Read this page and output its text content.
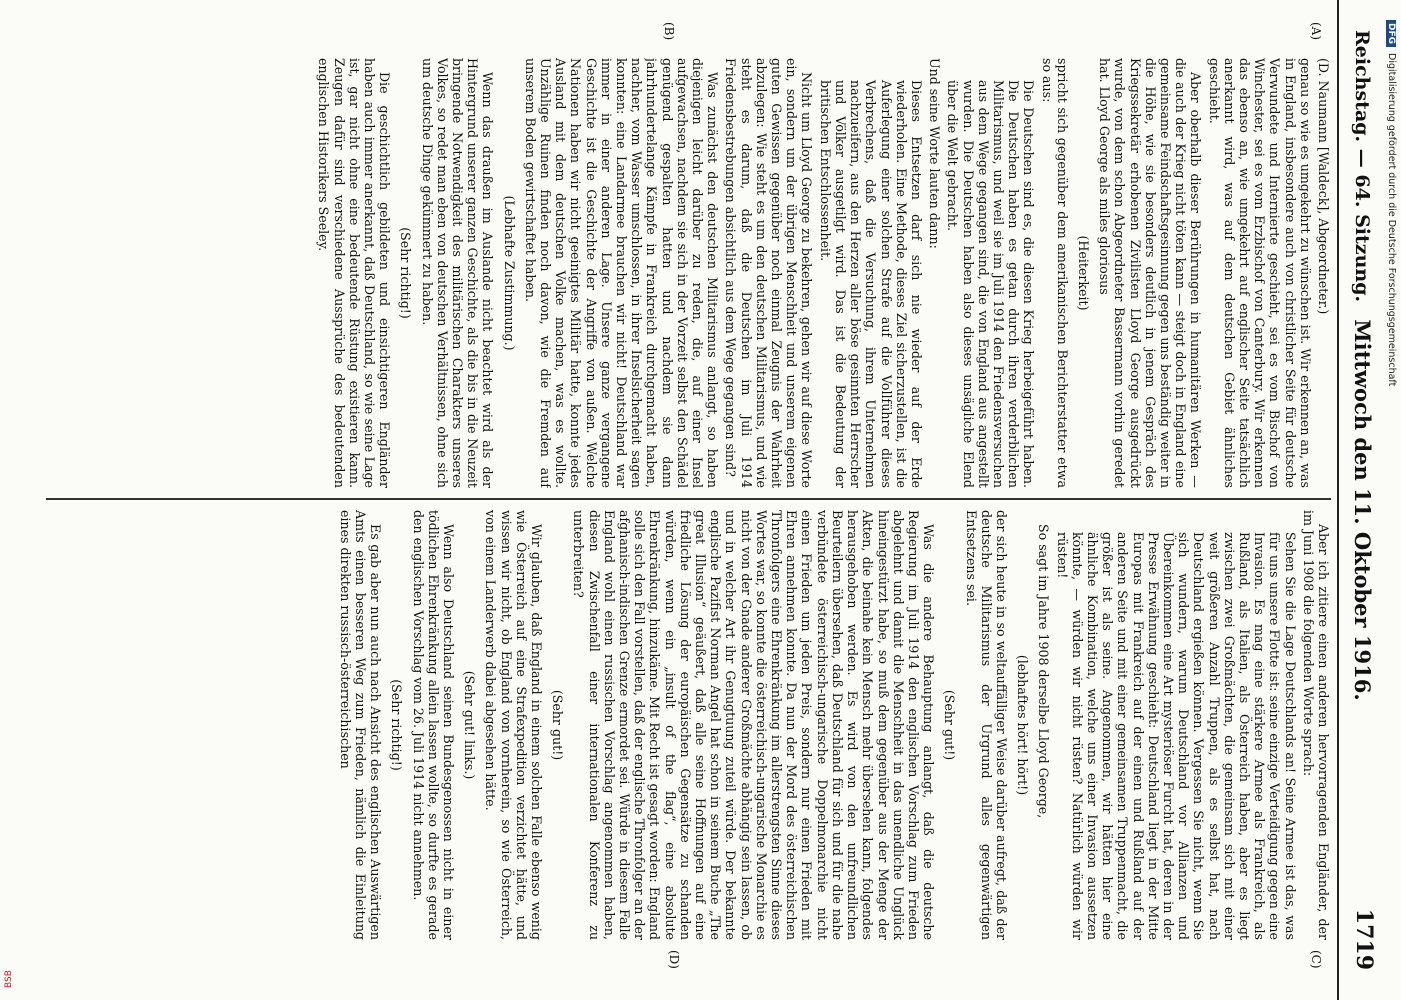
Reichstag. — 64. Sitzung.
Mittwoch den 11. Oktober 1916.
1719
(A)
(B)
(C)
(D)

(D. Naumann [Waldeck], Abgeordneter.)

genau so wie es umgekehrt zu wünschen ist. Wir erkennen an, was in England, insbesondere auch von christlicher Seite für deutsche Verwundete und Internierte geschieht, sei es vom Bischof von Winchester, sei es vom Erzbischof von Canterbury. Wir erkennen das ebenso an, wie umgekehrt auf englischer Seite tatsächlich anerkannt wird, was auf dem deutschen Gebiet ähnliches geschieht.

Aber oberhalb dieser Berührungen in humanitären Werken — die auch der Krieg nicht töten kann — steigt doch in England eine gemeinsame Feindschaftsgesinnung gegen uns beständig weiter in die Höhe, wie sie besonders deutlich in jenem Gespräch des Kriegssekretär erhobenen Zivilisten Lloyd George ausgedrückt wurde, von dem schon Abgeordneter Bassermann vorhin geredet hat. Lloyd George als miles gloriosus

(Heiterkeit)

spricht sich gegenüber dem amerikanischen Berichterstatter etwa so aus:

Die Deutschen sind es, die diesen Krieg herbeigeführt haben. Die Deutschen haben es getan durch ihren verderblichen Militarismus, und weil sie im Juli 1914 den Friedensversuchen aus dem Wege gegangen sind, die von England aus angestellt wurden. Die Deutschen haben also dieses unsägliche Elend über die Welt gebracht.

Und seine Worte lauten dann:

Dieses Entsetzen darf sich nie wieder auf der Erde wiederholen. Eine Methode, dieses Ziel sicherzustellen, ist die Auferlegung einer solchen Strafe auf die Vollführer dieses Verbrechens, daß die Versuchung, ihrem Unternehmen nachzueifern, aus den Herzen aller böse gesinnten Herrscher und Völker ausgetilgt wird. Das ist die Bedeutung der britischen Entschlossenheit.

Nicht um Lloyd George zu bekehren, gehen wir auf diese Worte ein, sondern um der übrigen Menschheit und unserem eigenen guten Gewissen gegenüber noch einmal Zeugnis der Wahrheit abzulegen: Wie steht es um den deutschen Militarismus, und wie steht es darum, daß die Deutschen im Juli 1914 Friedensbestrebungen absichtlich aus dem Wege gegangen sind?

Was zunächst den deutschen Militarismus anlangt, so haben diejenigen leicht darüber zu reden, die, auf einer Insel aufgewachsen, nachdem sie sich in der Vorzeit selbst den Schädel genügend gespalten hatten und nachdem sie dann jahrhundertelange Kämpfe in Frankreich durchgemacht haben, nachher, vom Wasser umschlossen, in ihrer Inselsicherheit sagen konnten: eine Landarmee brauchen wir nicht! Deutschland war immer in einer anderen Lage. Unsere ganze vergangene Geschichte ist die Geschichte der Angriffe von außen. Welche Nationen haben wir nicht geeinigtes Militär hatte, konnte jedes Ausland mit dem deutschen Volke machen, was es wollte. Unzählige Ruinen finden noch davon, wie die Fremden auf unserem Boden gewirtschaftet haben.

(Lebhafte Zustimmung.)

Wenn das draußen im Auslande nicht beachtet wird als der Hintergrund unserer ganzen Geschichte, als die bis in die Neuzeit bringende Notwendigkeit des militärischen Charakters unseres Volkes, so redet man eben von deutschen Verhältnissen, ohne sich um deutsche Dinge gekümmert zu haben.

(Sehr richtig!)

Die geschichtlich gebildeten und einsichtigeren Engländer haben auch immer anerkannt, daß Deutschland, so wie seine Lage ist, gar nicht ohne eine bedeutende Rüstung existieren kann. Zeugen dafür sind verschiedene Aussprüche des bedeutenden englischen Historikers Seeley.

Aber ich zitiere einen anderen hervorragenden Engländer, der im Juni 1908 die folgenden Worte sprach:

Sehen Sie die Lage Deutschlands an! Seine Armee ist das, was für uns unsere Flotte ist: seine einzige Verteidigung gegen eine Invasion. Es mag eine stärkere Armee als Frankreich, als Rußland, als Italien, als Österreich haben, aber es liegt zwischen zwei Großmächten, die gemeinsam sich mit einer weit größeren Anzahl Truppen, als es selbst hat, nach Deutschland ergießen können. Vergessen Sie nicht, wenn Sie sich wundern, warum Deutschland vor Allianzen und Übereinkommen eine Art mysteriöser Furcht hat, deren in der Presse Erwähnung geschieht: Deutschland liegt in der Mitte Europas mit Frankreich auf der einen und Rußland auf der anderen Seite und mit einer gemeinsamen Truppenmacht, die größer ist als seine. Angenommen, wir hätten hier eine ähnliche Kombination, welche uns einer Invasion aussetzen könnte, — würden wir nicht rüsten? Natürlich würden wir rüsten!

So sagt im Jahre 1908 derselbe Lloyd George,

(lebhaftes hört! hört!)

der sich heute in so weltauffälliger Weise darüber aufregt, daß der deutsche Militarismus der Urgrund alles gegenwärtigen Entsetzens sei.

(Sehr gut!)

Was die andere Behauptung anlangt, daß die deutsche Regierung im Juli 1914 den englischen Vorschlag zum Frieden abgelehnt und damit die Menschheit in das unendliche Unglück hineingestürzt habe, so muß dem gegenüber aus der Menge der Akten, die beinahe kein Mensch mehr übersehen kann, folgendes herausgehoben werden. Es wird von den unfreundlichen Beurteilern übersehen, daß Deutschland für sich und für die nahe verbündete österreichisch-ungarische Doppelmonarchie nicht einen Frieden um jeden Preis, sondern nur einen Frieden mit Ehren annehmen konnte. Da nun der Mord des österreichischen Thronfolgers eine Ehrenkränkung im allerstrengsten Sinne dieses Wortes war, so konnte die österreichisch-ungarische Monarchie es nicht von der Gnade anderer Großmächte abhängig sein lassen, ob und in welcher Art ihr Genugtuung zuteil würde. Der bekannte englische Pazifist Norman Angel hat schon in seinem Buche „The great Illusion“ geäußert, daß alle seine Hoffnungen auf eine friedliche Lösung der europäischen Gegensätze zu schanden würden, wenn ein „insult of the flag“, eine absolute Ehrenkränkung, hinzukäme. Mit Recht ist gesagt worden: England solle sich den Fall vorstellen, daß der englische Thronfolger an der afghanisch-indischen Grenze ermordet sei. Würde in diesem Falle England wohl einen russischen Vorschlag angenommen haben, diesen Zwischenfall einer internationalen Konferenz zu unterbreiten?

(Sehr gut!)

Wir glauben, daß England in einem solchen Falle ebenso wenig wie Österreich auf eine Strafexpedition verzichtet hätte, und wissen wir nicht, ob England von vornherein, so wie Österreich, von einem Landerwerb dabei abgesehen hätte.

(Sehr gut! links.)

Wenn also Deutschland seinen Bundesgenossen nicht in einer tödlichen Ehrenkränkung allein lassen wollte, so durfte es gerade den englischen Vorschlag vom 26. Juli 1914 nicht annehmen.

(Sehr richtig!)

Es gab aber nun auch nach Ansicht des englischen Auswärtigen Amts einen besseren Weg zum Frieden, nämlich die Einleitung eines direkten russisch-österreichischen

DFGDigitalisierung gefördert durch die Deutsche Forschungsgemeinschaft
BSB
